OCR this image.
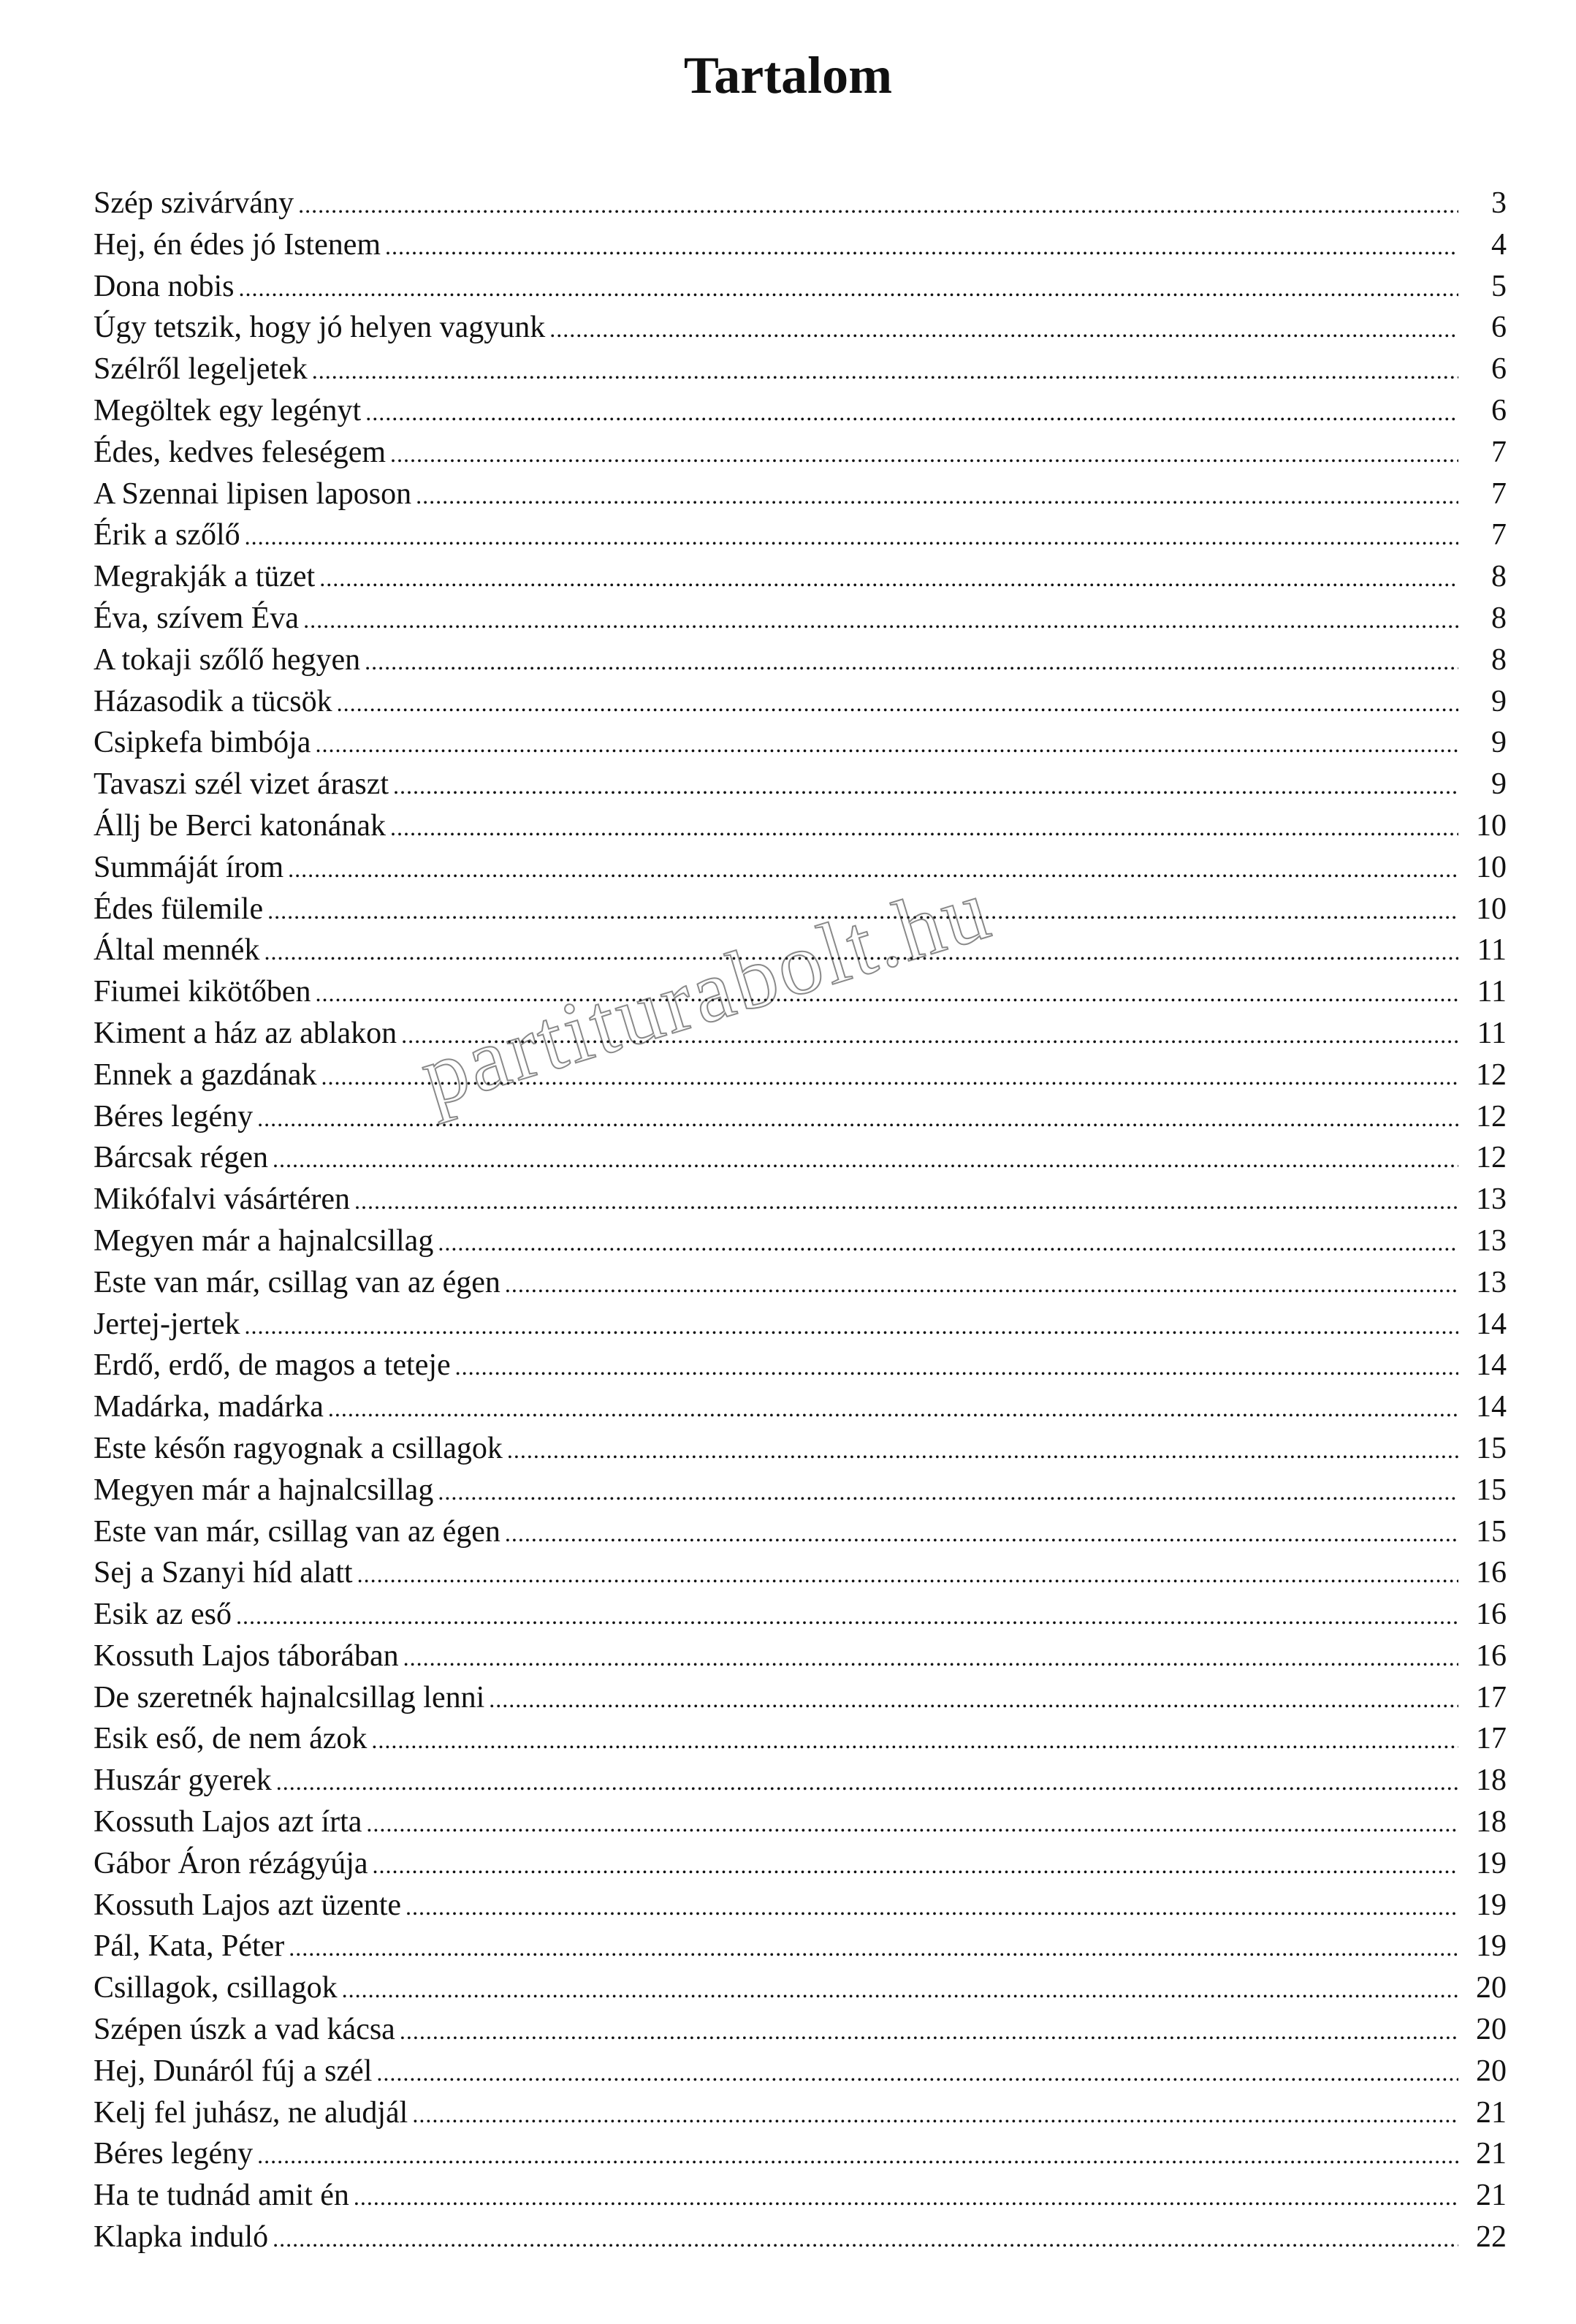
Tartalom
Szép szivárvány .....	3
Hej, én édes jó Istenem .....	4
Dona nobis .....	5
Úgy tetszik, hogy jó helyen vagyunk .....	6
Szélről legeljetek .....	6
Megöltek egy legényt .....	6
Édes, kedves feleségem .....	7
A Szennai lipisen laposon .....	7
Érik a szőlő .....	7
Megrakják a tüzet .....	8
Éva, szívem Éva .....	8
A tokaji szőlő hegyen .....	8
Házasodik a tücsök .....	9
Csipkefa bimbója .....	9
Tavaszi szél vizet áraszt .....	9
Állj be Berci katonának .....	10
Summáját írom .....	10
Édes fülemile .....	10
Által mennék .....	11
Fiumei kikötőben .....	11
Kiment a ház az ablakon .....	11
Ennek a gazdának .....	12
Béres legény .....	12
Bárcsak régen .....	12
Mikófalvi vásártéren .....	13
Megyen már a hajnalcsillag .....	13
Este van már, csillag van az égen .....	13
Jertej-jertek .....	14
Erdő, erdő, de magos a teteje .....	14
Madárka, madárka .....	14
Este későn ragyognak a csillagok .....	15
Megyen már a hajnalcsillag .....	15
Este van már, csillag van az égen .....	15
Sej a Szanyi híd alatt .....	16
Esik az eső .....	16
Kossuth Lajos táborában .....	16
De szeretnék hajnalcsillag lenni .....	17
Esik eső, de nem ázok .....	17
Huszár gyerek .....	18
Kossuth Lajos azt írta .....	18
Gábor Áron rézágyúja .....	19
Kossuth Lajos azt üzente .....	19
Pál, Kata, Péter .....	19
Csillagok, csillagok .....	20
Szépen úszk a vad kácsa .....	20
Hej, Dunáról fúj a szél .....	20
Kelj fel juhász, ne aludjál .....	21
Béres legény .....	21
Ha te tudnád amit én .....	21
Klapka induló .....	22
partiturabolt.hu
